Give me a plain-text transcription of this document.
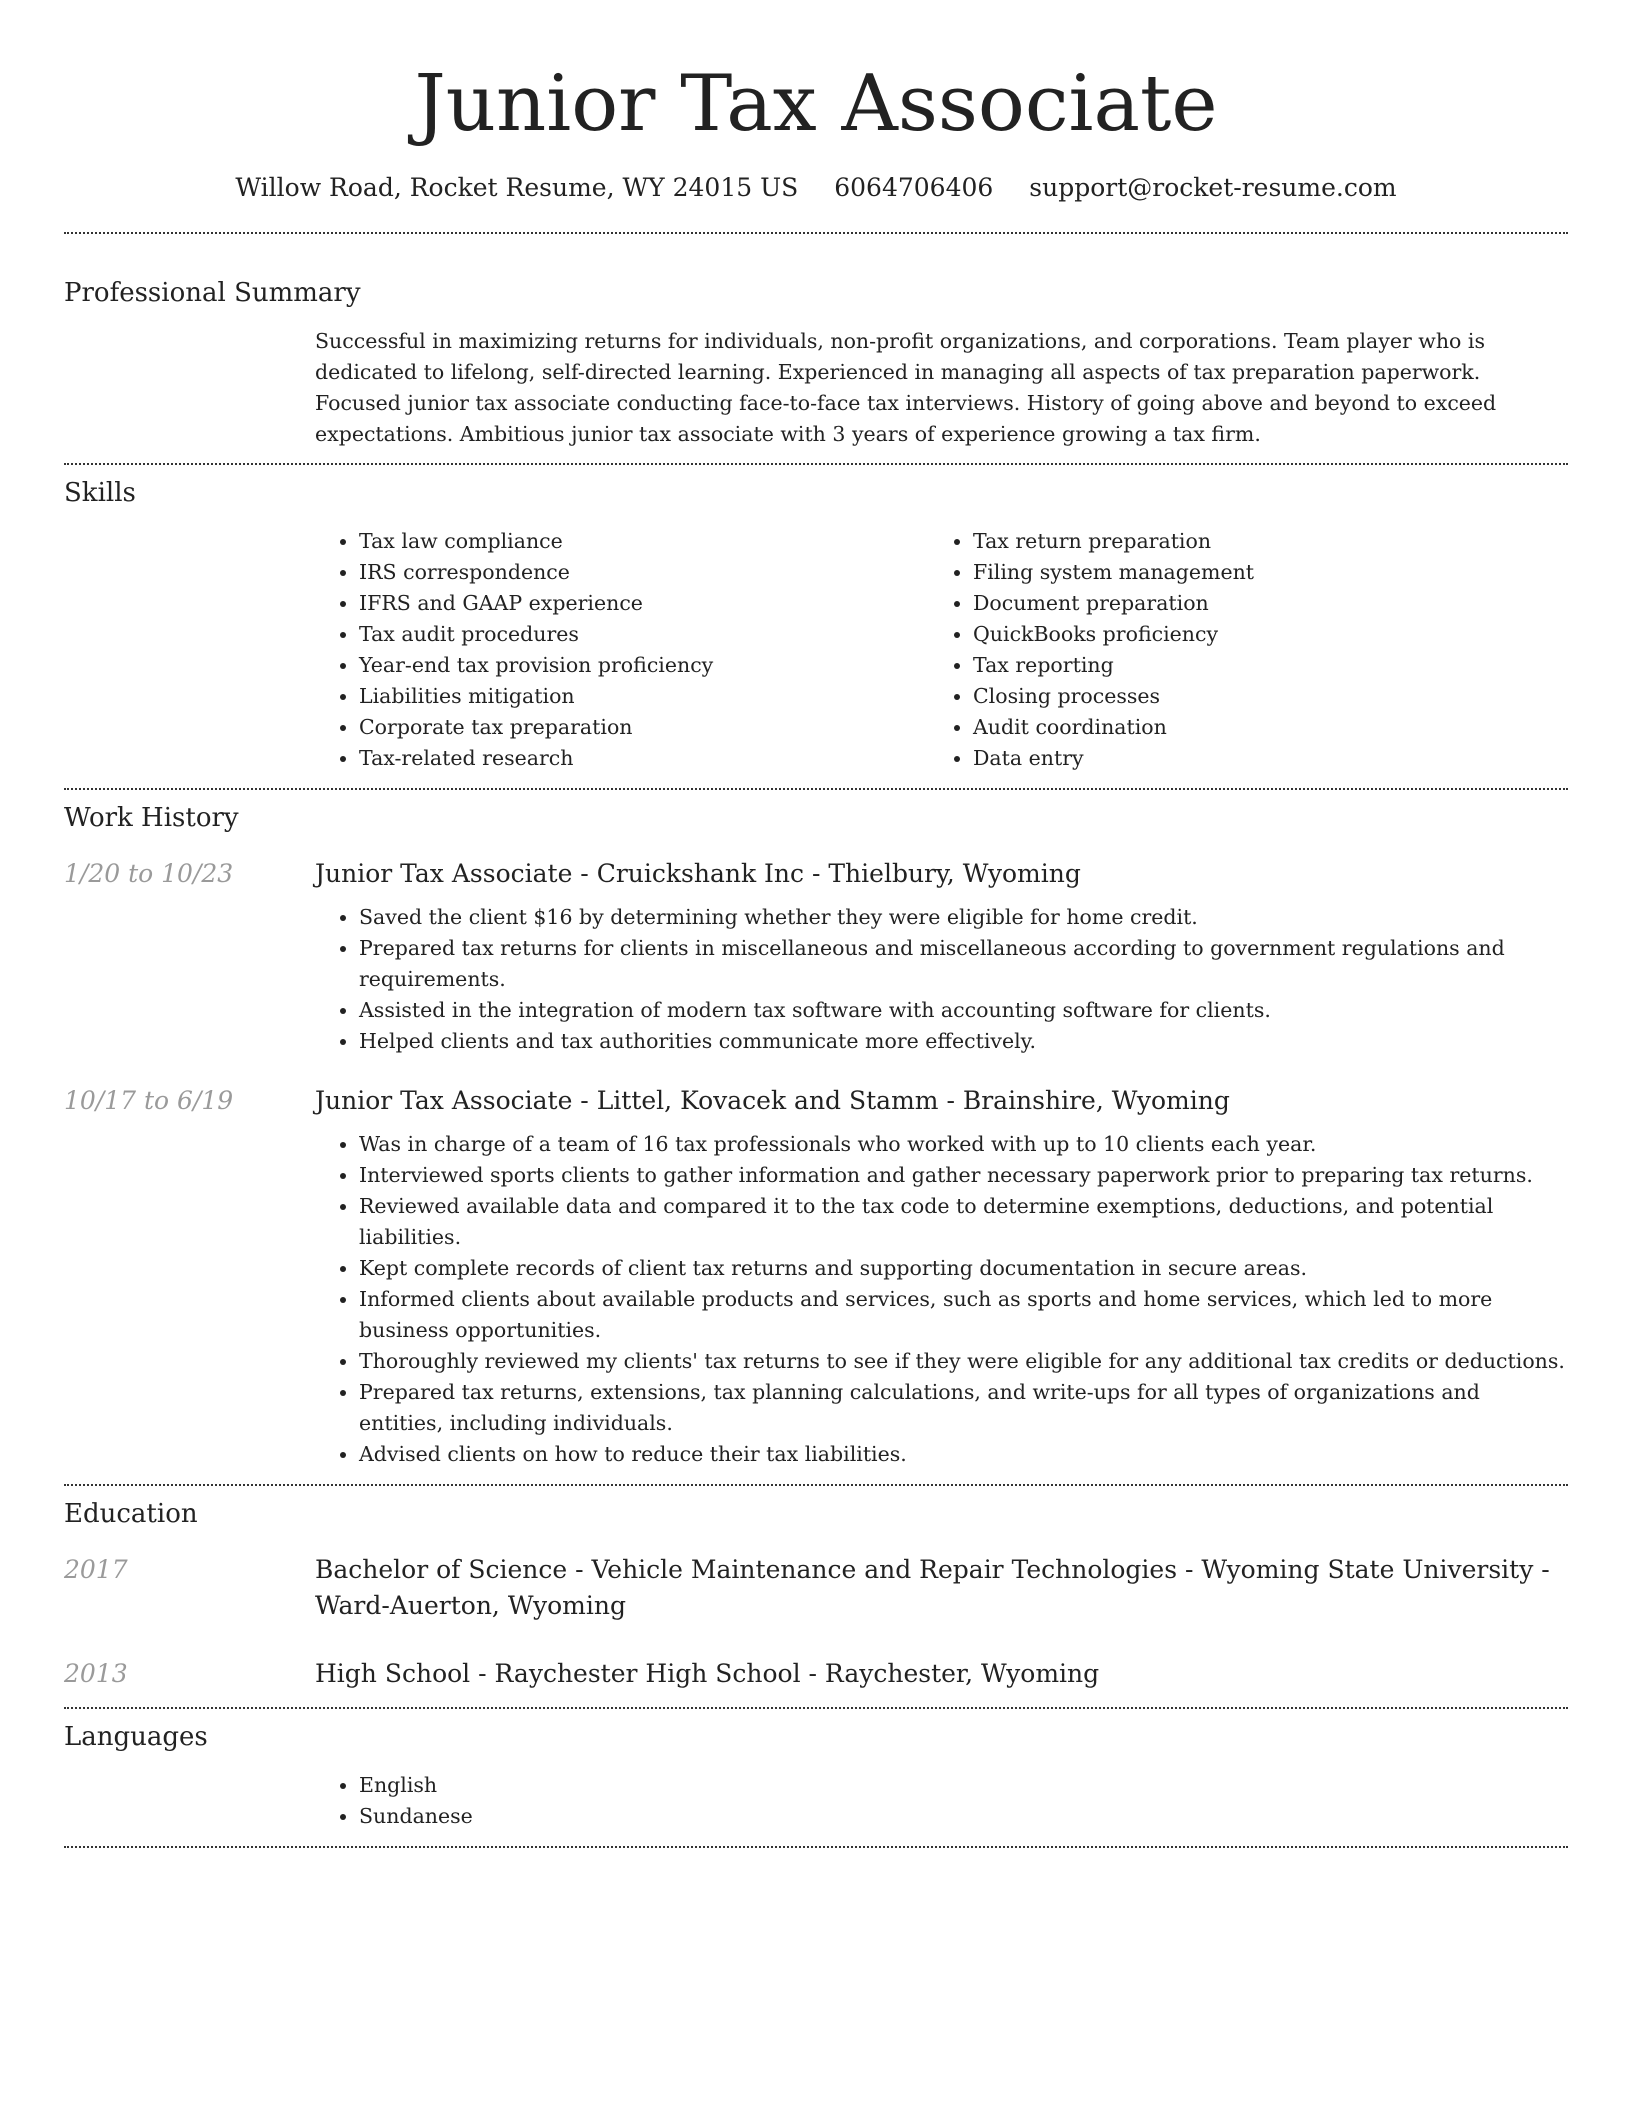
Junior Tax Associate
Willow Road, Rocket Resume, WY 24015 US 6064706406 support@rocket-resume.com
Professional Summary
Successful in maximizing returns for individuals, non-profit organizations, and corporations. Team player who is dedicated to lifelong, self-directed learning. Experienced in managing all aspects of tax preparation paperwork. Focused junior tax associate conducting face-to-face tax interviews. History of going above and beyond to exceed expectations. Ambitious junior tax associate with 3 years of experience growing a tax firm.
Skills
• Tax law compliance
• IRS correspondence
• IFRS and GAAP experience
• Tax audit procedures
• Year-end tax provision proficiency
• Liabilities mitigation
• Corporate tax preparation
• Tax-related research
• Tax return preparation
• Filing system management
• Document preparation
• QuickBooks proficiency
• Tax reporting
• Closing processes
• Audit coordination
• Data entry
Work History
1/20 to 10/23	Junior Tax Associate - Cruickshank Inc - Thielbury, Wyoming
• Saved the client $16 by determining whether they were eligible for home credit.
• Prepared tax returns for clients in miscellaneous and miscellaneous according to government regulations and requirements.
• Assisted in the integration of modern tax software with accounting software for clients.
• Helped clients and tax authorities communicate more effectively.
10/17 to 6/19	Junior Tax Associate - Littel, Kovacek and Stamm - Brainshire, Wyoming
• Was in charge of a team of 16 tax professionals who worked with up to 10 clients each year.
• Interviewed sports clients to gather information and gather necessary paperwork prior to preparing tax returns.
• Reviewed available data and compared it to the tax code to determine exemptions, deductions, and potential liabilities.
• Kept complete records of client tax returns and supporting documentation in secure areas.
• Informed clients about available products and services, such as sports and home services, which led to more business opportunities.
• Thoroughly reviewed my clients' tax returns to see if they were eligible for any additional tax credits or deductions.
• Prepared tax returns, extensions, tax planning calculations, and write-ups for all types of organizations and entities, including individuals.
• Advised clients on how to reduce their tax liabilities.
Education
2017	Bachelor of Science - Vehicle Maintenance and Repair Technologies - Wyoming State University - Ward-Auerton, Wyoming
2013	High School - Raychester High School - Raychester, Wyoming
Languages
• English
• Sundanese
